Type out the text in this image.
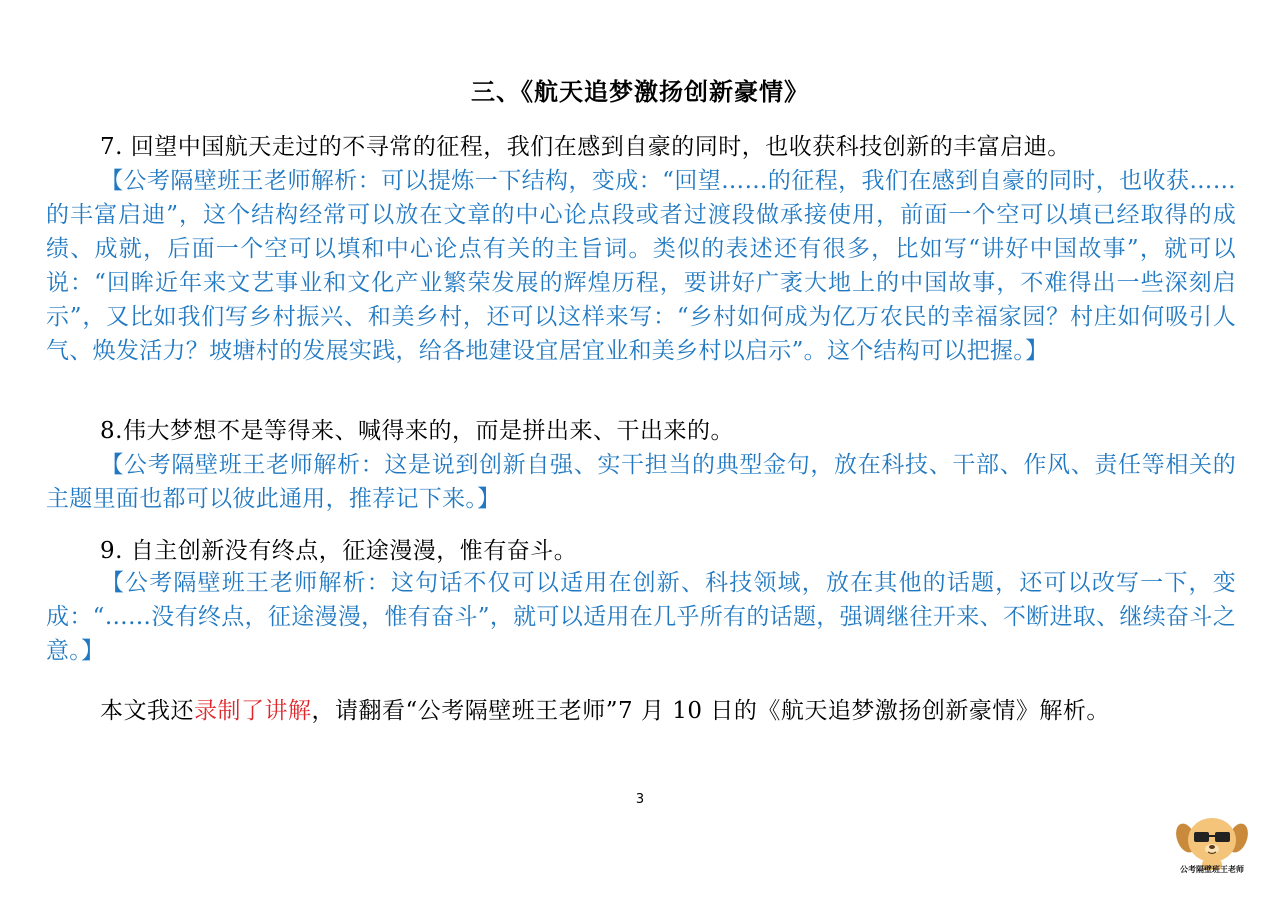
三、《航天追梦激扬创新豪情》
7. 回望中国航天走过的不寻常的征程，我们在感到自豪的同时，也收获科技创新的丰富启迪。
【公考隔壁班王老师解析：可以提炼一下结构，变成：“回望……的征程，我们在感到自豪的同时，也收获……的丰富启迪”，这个结构经常可以放在文章的中心论点段或者过渡段做承接使用，前面一个空可以填已经取得的成绩、成就，后面一个空可以填和中心论点有关的主旨词。类似的表述还有很多，比如写“讲好中国故事”，就可以说：“回眸近年来文艺事业和文化产业繁荣发展的辉煌历程，要讲好广袤大地上的中国故事，不难得出一些深刻启示”，又比如我们写乡村振兴、和美乡村，还可以这样来写：“乡村如何成为亿万农民的幸福家园？村庄如何吸引人气、焕发活力？坡塘村的发展实践，给各地建设宜居宜业和美乡村以启示”。这个结构可以把握。】
8.伟大梦想不是等得来、喊得来的，而是拼出来、干出来的。
【公考隔壁班王老师解析：这是说到创新自强、实干担当的典型金句，放在科技、干部、作风、责任等相关的主题里面也都可以彼此通用，推荐记下来。】
9. 自主创新没有终点，征途漫漫，惟有奋斗。
【公考隔壁班王老师解析：这句话不仅可以适用在创新、科技领域，放在其他的话题，还可以改写一下，变成：“……没有终点，征途漫漫，惟有奋斗”，就可以适用在几乎所有的话题，强调继往开来、不断进取、继续奋斗之意。】
本文我还录制了讲解，请翻看“公考隔壁班王老师”7 月 10 日的《航天追梦激扬创新豪情》解析。
3
公考隔壁班王老师
